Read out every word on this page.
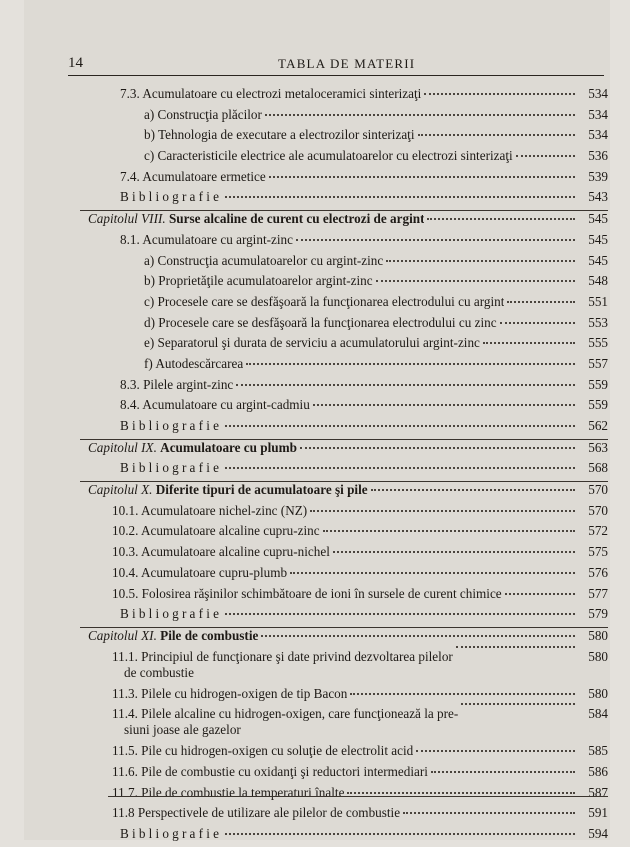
14	TABLA DE MATERII
7.3. Acumulatoare cu electrozi metaloceramici sinterizaţi	534
a) Construcţia plăcilor	534
b) Tehnologia de executare a electrozilor sinterizaţi	534
c) Caracteristicile electrice ale acumulatoarelor cu electrozi sinterizaţi	536
7.4. Acumulatoare ermetice	539
Bibliografie	543
Capitolul VIII. Surse alcaline de curent cu electrozi de argint	545
8.1. Acumulatoare cu argint-zinc	545
a) Construcţia acumulatoarelor cu argint-zinc	545
b) Proprietăţile acumulatoarelor argint-zinc	548
c) Procesele care se desfăşoară la funcţionarea electrodului cu argint	551
d) Procesele care se desfăşoară la funcţionarea electrodului cu zinc	553
e) Separatorul şi durata de serviciu a acumulatorului argint-zinc	555
f) Autodescărcarea	557
8.3. Pilele argint-zinc	559
8.4. Acumulatoare cu argint-cadmiu	559
Bibliografie	562
Capitolul IX. Acumulatoare cu plumb	563
Bibliografie	568
Capitolul X. Diferite tipuri de acumulatoare şi pile	570
10.1. Acumulatoare nichel-zinc (NZ)	570
10.2. Acumulatoare alcaline cupru-zinc	572
10.3. Acumulatoare alcaline cupru-nichel	575
10.4. Acumulatoare cupru-plumb	576
10.5. Folosirea răşinilor schimbătoare de ioni în sursele de curent chimice	577
Bibliografie	579
Capitolul XI. Pile de combustie	580
11.1. Principiul de funcţionare şi date privind dezvoltarea pilelor
de combustie
580
11.3. Pilele cu hidrogen-oxigen de tip Bacon	580
11.4. Pilele alcaline cu hidrogen-oxigen, care funcţionează la pre-
siuni joase ale gazelor
584
11.5. Pile cu hidrogen-oxigen cu soluţie de electrolit acid	585
11.6. Pile de combustie cu oxidanţi şi reductori intermediari	586
11 7. Pile de combustie la temperaturi înalte	587
11.8 Perspectivele de utilizare ale pilelor de combustie	591
Bibliografie	594
